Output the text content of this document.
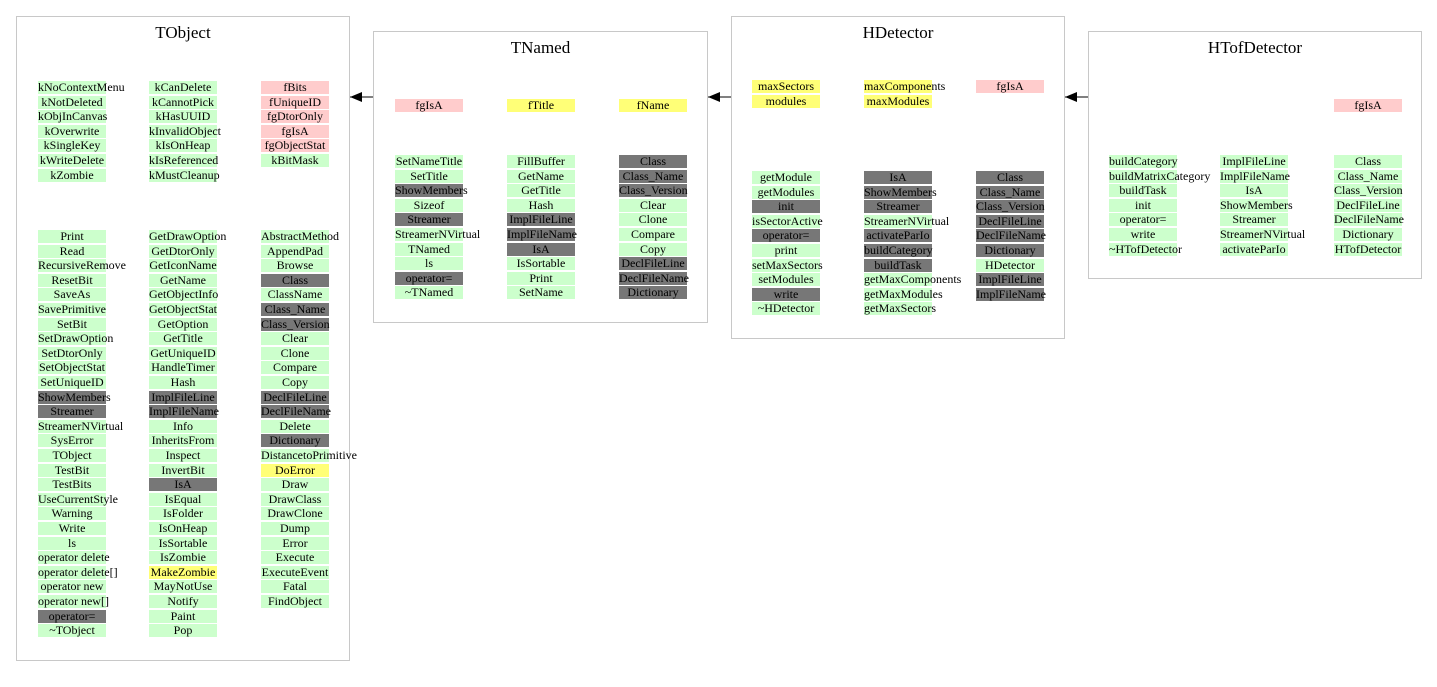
TObject
kNoContextMenu
kNotDeleted
kObjInCanvas
kOverwrite
kSingleKey
kWriteDelete
kZombie
Print
Read
RecursiveRemove
ResetBit
SaveAs
SavePrimitive
SetBit
SetDrawOption
SetDtorOnly
SetObjectStat
SetUniqueID
ShowMembers
Streamer
StreamerNVirtual
SysError
TObject
TestBit
TestBits
UseCurrentStyle
Warning
Write
ls
operator delete
operator delete[]
operator new
operator new[]
operator=
~TObject
kCanDelete
kCannotPick
kHasUUID
kInvalidObject
kIsOnHeap
kIsReferenced
kMustCleanup
GetDrawOption
GetDtorOnly
GetIconName
GetName
GetObjectInfo
GetObjectStat
GetOption
GetTitle
GetUniqueID
HandleTimer
Hash
ImplFileLine
ImplFileName
Info
InheritsFrom
Inspect
InvertBit
IsA
IsEqual
IsFolder
IsOnHeap
IsSortable
IsZombie
MakeZombie
MayNotUse
Notify
Paint
Pop
fBits
fUniqueID
fgDtorOnly
fgIsA
fgObjectStat
kBitMask
AbstractMethod
AppendPad
Browse
Class
ClassName
Class_Name
Class_Version
Clear
Clone
Compare
Copy
DeclFileLine
DeclFileName
Delete
Dictionary
DistancetoPrimitive
DoError
Draw
DrawClass
DrawClone
Dump
Error
Execute
ExecuteEvent
Fatal
FindObject
TNamed
fgIsA
SetNameTitle
SetTitle
ShowMembers
Sizeof
Streamer
StreamerNVirtual
TNamed
ls
operator=
~TNamed
fTitle
FillBuffer
GetName
GetTitle
Hash
ImplFileLine
ImplFileName
IsA
IsSortable
Print
SetName
fName
Class
Class_Name
Class_Version
Clear
Clone
Compare
Copy
DeclFileLine
DeclFileName
Dictionary
HDetector
maxSectors
modules
getModule
getModules
init
isSectorActive
operator=
print
setMaxSectors
setModules
write
~HDetector
maxComponents
maxModules
IsA
ShowMembers
Streamer
StreamerNVirtual
activateParIo
buildCategory
buildTask
getMaxComponents
getMaxModules
getMaxSectors
fgIsA
Class
Class_Name
Class_Version
DeclFileLine
DeclFileName
Dictionary
HDetector
ImplFileLine
ImplFileName
HTofDetector
buildCategory
buildMatrixCategory
buildTask
init
operator=
write
~HTofDetector
ImplFileLine
ImplFileName
IsA
ShowMembers
Streamer
StreamerNVirtual
activateParIo
fgIsA
Class
Class_Name
Class_Version
DeclFileLine
DeclFileName
Dictionary
HTofDetector
